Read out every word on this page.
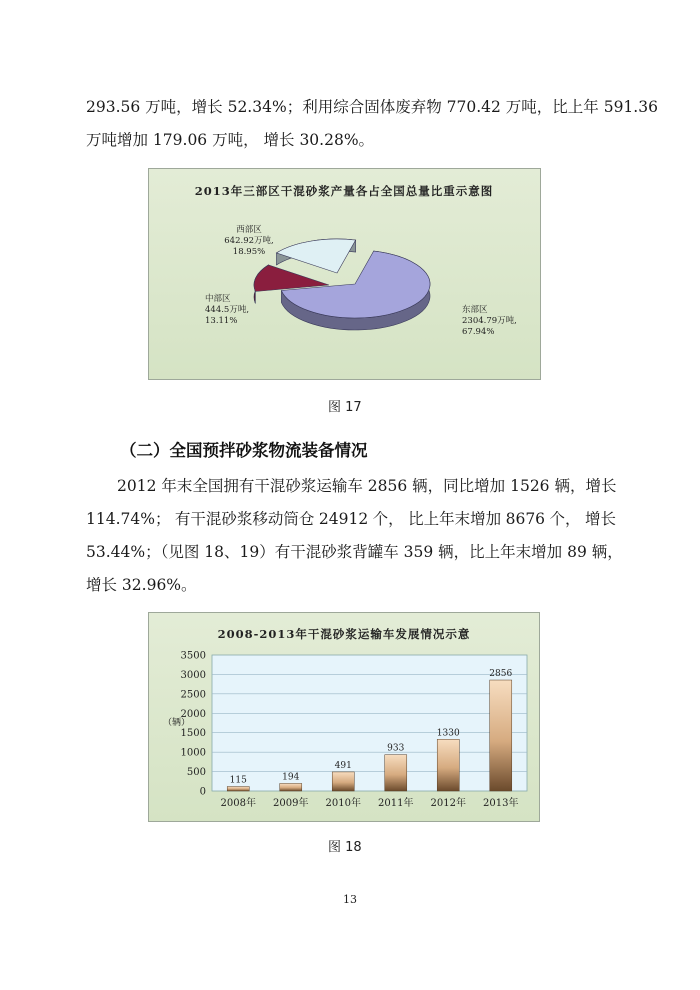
293.56 万吨，增长 52.34%；利用综合固体废弃物 770.42 万吨，比上年 591.36
万吨增加 179.06 万吨， 增长 30.28%。
2013年三部区干混砂浆产量各占全国总量比重示意图
东部区
2304.79万吨,
67.94%
中部区
444.5万吨,
13.11%
西部区
642.92万吨,
18.95%
图 17
（二）全国预拌砂浆物流装备情况
2012 年末全国拥有干混砂浆运输车 2856 辆，同比增加 1526 辆，增长
114.74%； 有干混砂浆移动筒仓 24912 个， 比上年末增加 8676 个， 增长
53.44%；（见图 18、19）有干混砂浆背罐车 359 辆，比上年末增加 89 辆，
增长 32.96%。
2008-2013年干混砂浆运输车发展情况示意
（辆）
0
500
1000
1500
2000
2500
3000
3500
115
2008年
194
2009年
491
2010年
933
2011年
1330
2012年
2856
2013年
图 18
13
